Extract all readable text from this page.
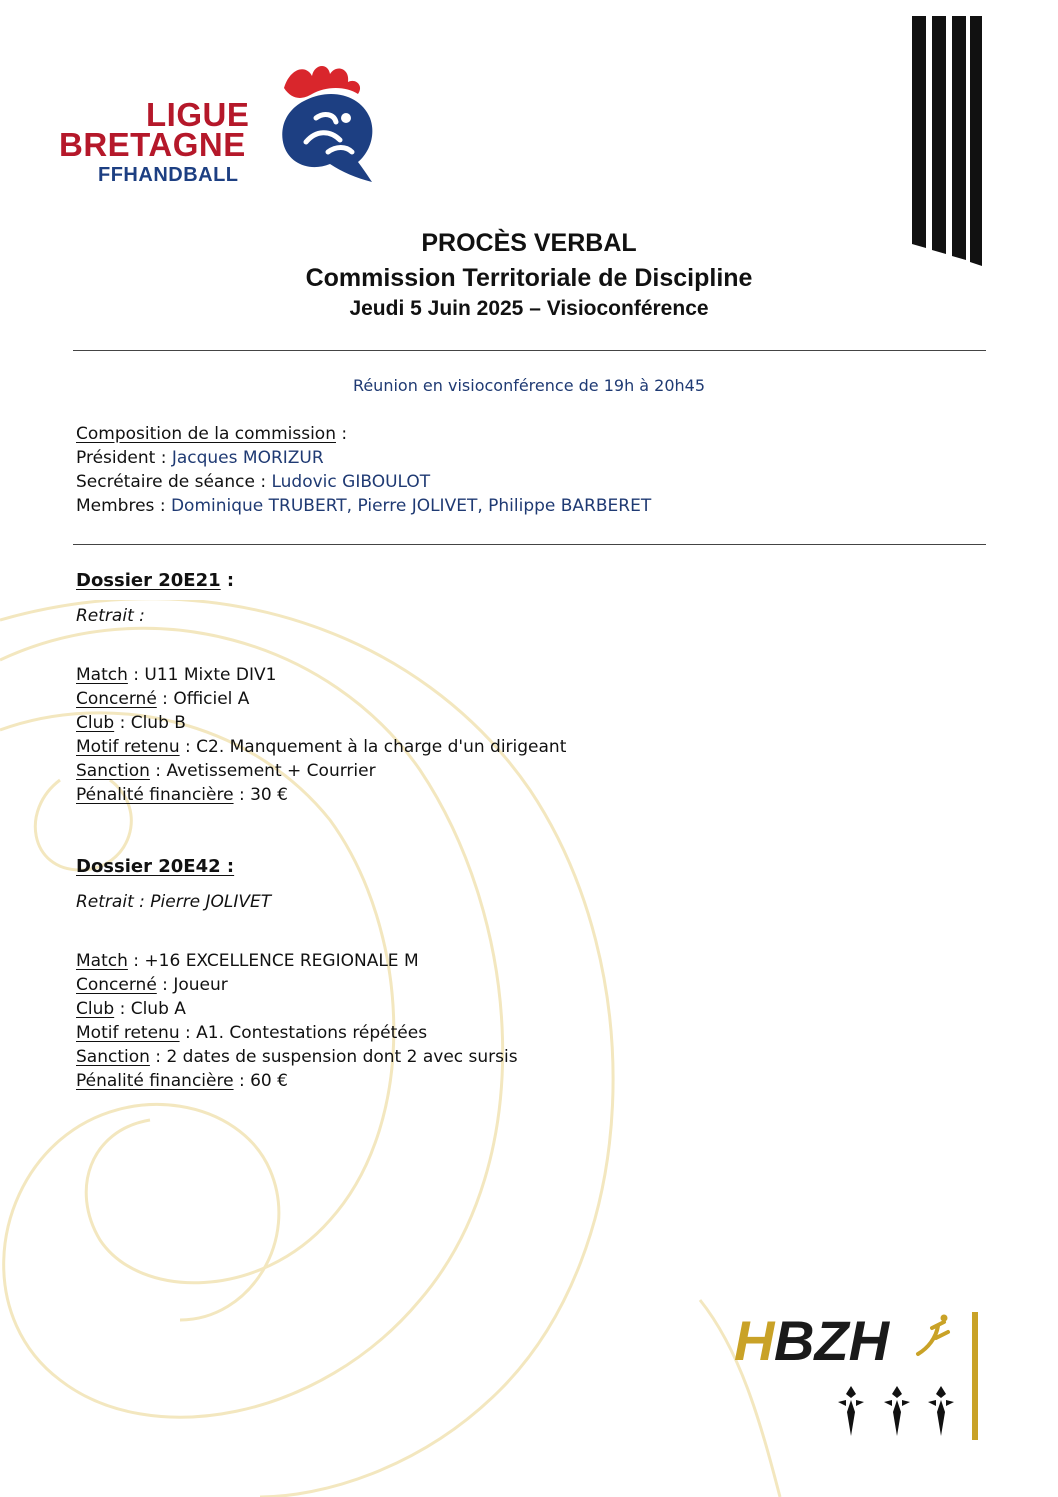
LIGUE
BRETAGNE
FFHANDBALL
PROCÈS VERBAL
Commission Territoriale de Discipline
Jeudi 5 Juin 2025 – Visioconférence
Réunion en visioconférence de 19h à 20h45
Composition de la commission :
Président : Jacques MORIZUR
Secrétaire de séance : Ludovic GIBOULOT
Membres : Dominique TRUBERT, Pierre JOLIVET, Philippe BARBERET
Dossier 20E21 :
Retrait :
Match : U11 Mixte DIV1
Concerné : Officiel A
Club : Club B
Motif retenu : C2. Manquement à la charge d'un dirigeant
Sanction : Avetissement + Courrier
Pénalité financière : 30 €
Dossier 20E42 :
Retrait : Pierre JOLIVET
Match : +16 EXCELLENCE REGIONALE M
Concerné : Joueur
Club : Club A
Motif retenu : A1. Contestations répétées
Sanction : 2 dates de suspension dont 2 avec sursis
Pénalité financière : 60 €
H BZH
